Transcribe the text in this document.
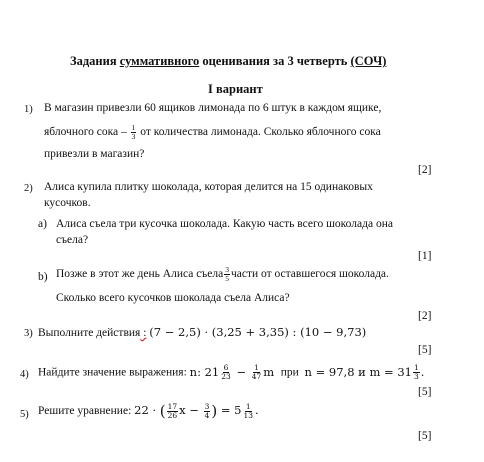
Задания суммативного оценивания за 3 четверть (СОЧ)
I вариант
1) В магазин привезли 60 ящиков лимонада по 6 штук в каждом ящике,
яблочного сока – $\frac{1}{3}$ от количества лимонада. Сколько яблочного сока
привезли в магазин?
[2]
2) Алиса купила плитку шоколада, которая делится на 15 одинаковых
кусочков.
a) Алиса съела три кусочка шоколада. Какую часть всего шоколада она
съела?
[1]
b) Позже в этот же день Алиса съела $\frac{3}{5}$ части от оставшегося шоколада.
Сколько всего кусочков шоколада съела Алиса?
[2]
3) Выполните действия : (7 − 2,5) · (3,25 + 3,35) : (10 − 9,73)
[5]
4) Найдите значение выражения: n: $21 \frac{6}{23} - \frac{1}{47}$ m при n = 97,8 и $m = 31 \frac{1}{3}$ .
[5]
5) Решите уравнение: 22 · ( $\frac{17}{26}$ $x - \frac{3}{4}$ ) = $5 \frac{1}{13}$ .
[5]
